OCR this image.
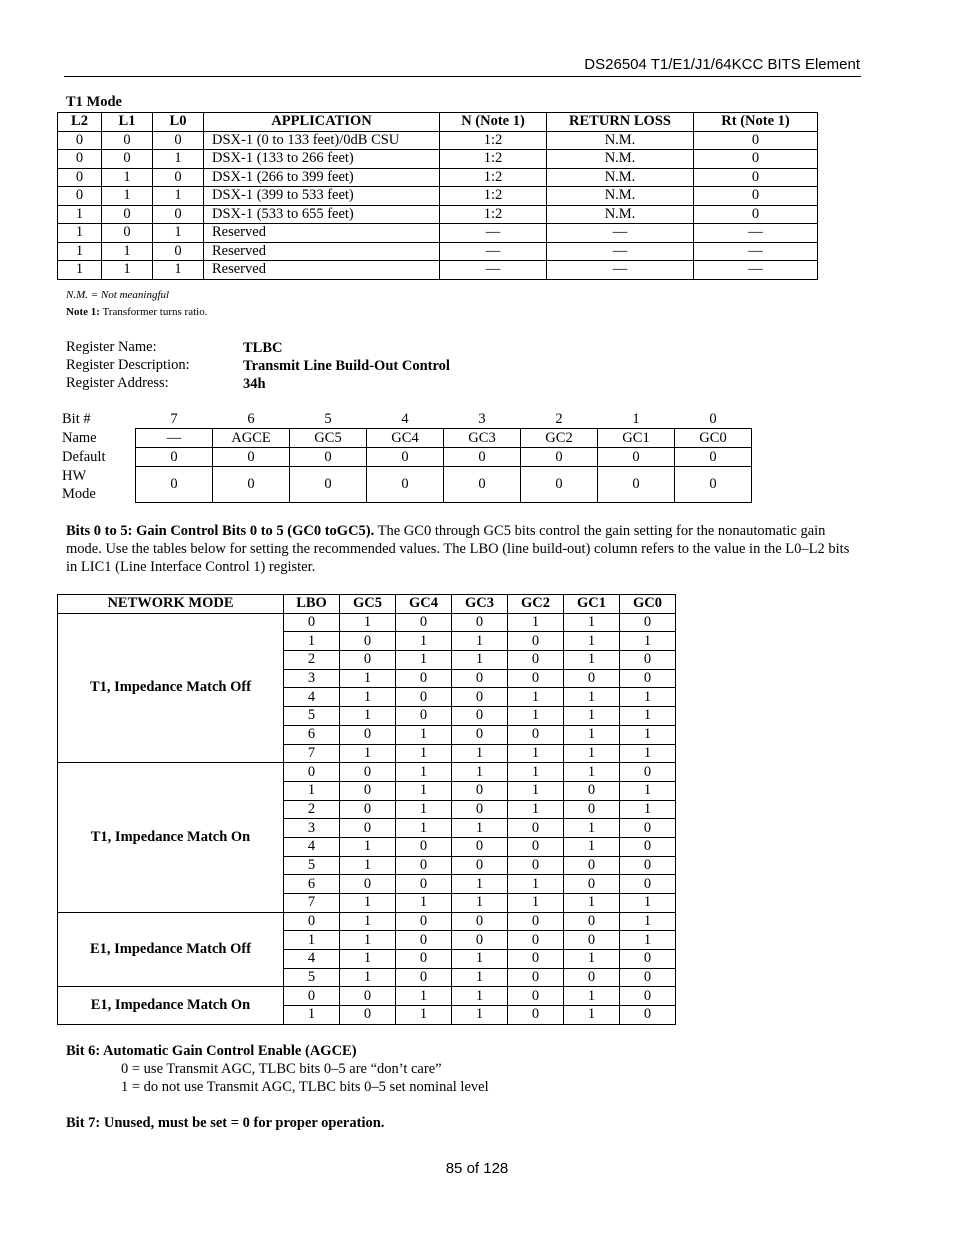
DS26504 T1/E1/J1/64KCC BITS Element
T1 Mode
L2	L1	L0	APPLICATION	N (Note 1)	RETURN LOSS	Rt (Note 1)
0	0	0	DSX-1 (0 to 133 feet)/0dB CSU	1:2	N.M.	0
0	0	1	DSX-1 (133 to 266 feet)	1:2	N.M.	0
0	1	0	DSX-1 (266 to 399 feet)	1:2	N.M.	0
0	1	1	DSX-1 (399 to 533 feet)	1:2	N.M.	0
1	0	0	DSX-1 (533 to 655 feet)	1:2	N.M.	0
1	0	1	Reserved	—	—	—
1	1	0	Reserved	—	—	—
1	1	1	Reserved	—	—	—
N.M. = Not meaningful
Note 1: Transformer turns ratio.
Register Name:	TLBC
Register Description:	Transmit Line Build-Out Control
Register Address:	34h
Bit #	7	6	5	4	3	2	1	0
Name	—	AGCE	GC5	GC4	GC3	GC2	GC1	GC0
Default	0	0	0	0	0	0	0	0
HW
Mode	0	0	0	0	0	0	0	0
Bits 0 to 5: Gain Control Bits 0 to 5 (GC0 toGC5). The GC0 through GC5 bits control the gain setting for the nonautomatic gain mode. Use the tables below for setting the recommended values. The LBO (line build-out) column refers to the value in the L0–L2 bits in LIC1 (Line Interface Control 1) register.
NETWORK MODE	LBO	GC5	GC4	GC3	GC2	GC1	GC0
T1, Impedance Match Off	0	1	0	0	1	1	0
	1	0	1	1	0	1	1
	2	0	1	1	0	1	0
	3	1	0	0	0	0	0
	4	1	0	0	1	1	1
	5	1	0	0	1	1	1
	6	0	1	0	0	1	1
	7	1	1	1	1	1	1
T1, Impedance Match On	0	0	1	1	1	1	0
	1	0	1	0	1	0	1
	2	0	1	0	1	0	1
	3	0	1	1	0	1	0
	4	1	0	0	0	1	0
	5	1	0	0	0	0	0
	6	0	0	1	1	0	0
	7	1	1	1	1	1	1
E1, Impedance Match Off	0	1	0	0	0	0	1
	1	1	0	0	0	0	1
	4	1	0	1	0	1	0
	5	1	0	1	0	0	0
E1, Impedance Match On	0	0	1	1	0	1	0
	1	0	1	1	0	1	0
Bit 6: Automatic Gain Control Enable (AGCE)
0 = use Transmit AGC, TLBC bits 0–5 are “don’t care”
1 = do not use Transmit AGC, TLBC bits 0–5 set nominal level
Bit 7: Unused, must be set = 0 for proper operation.
85 of 128
